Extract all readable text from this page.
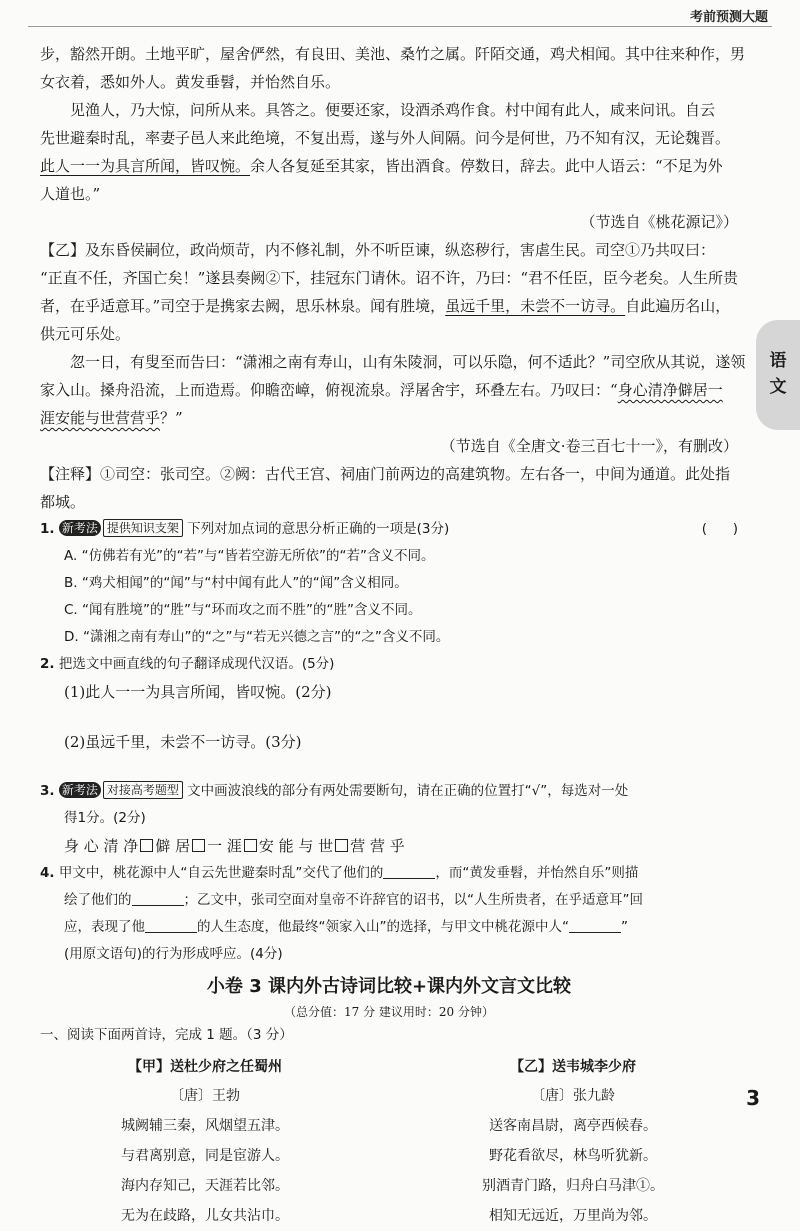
考前预测大题
语文
步，豁然开朗。土地平旷，屋舍俨然，有良田、美池、桑竹之属。阡陌交通，鸡犬相闻。其中往来种作，男
女衣着，悉如外人。黄发垂髫，并怡然自乐。
见渔人，乃大惊，问所从来。具答之。便要还家，设酒杀鸡作食。村中闻有此人，咸来问讯。自云
先世避秦时乱，率妻子邑人来此绝境，不复出焉，遂与外人间隔。问今是何世，乃不知有汉，无论魏晋。
此人一一为具言所闻，皆叹惋。余人各复延至其家，皆出酒食。停数日，辞去。此中人语云：“不足为外
人道也。”
（节选自《桃花源记》）
【乙】及东昏侯嗣位，政尚烦苛，内不修礼制，外不听臣谏，纵恣秽行，害虐生民。司空①乃共叹曰：
“正直不任，齐国亡矣！”遂县奏阙②下，挂冠东门请休。诏不许，乃曰：“君不任臣，臣今老矣。人生所贵
者，在乎适意耳。”司空于是携家去阙，思乐林泉。闻有胜境，虽远千里，未尝不一访寻。自此遍历名山，
供元可乐处。
忽一日，有叟至而告曰：“潇湘之南有寿山，山有朱陵洞，可以乐隐，何不适此？”司空欣从其说，遂领
家入山。搡舟沿流，上而造焉。仰瞻峦嶂，俯视流泉。浮屠舍宇，环叠左右。乃叹曰：“身心清净僻居一
涯安能与世营营乎？”
（节选自《全唐文·卷三百七十一》，有删改）
【注释】①司空：张司空。②阙：古代王宫、祠庙门前两边的高建筑物。左右各一，中间为通道。此处指
都城。
1. 新考法 提供知识支架 下列对加点词的意思分析正确的一项是(3分)	(      )
A. “仿佛若有光”的“若”与“皆若空游无所依”的“若”含义不同。
B. “鸡犬相闻”的“闻”与“村中闻有此人”的“闻”含义相同。
C. “闻有胜境”的“胜”与“环而攻之而不胜”的“胜”含义不同。
D. “潇湘之南有寿山”的“之”与“若无兴德之言”的“之”含义不同。
2. 把选文中画直线的句子翻译成现代汉语。(5分)
(1)此人一一为具言所闻，皆叹惋。(2分)
(2)虽远千里，未尝不一访寻。(3分)
3. 新考法 对接高考题型 文中画波浪线的部分有两处需要断句，请在正确的位置打“√”，每选对一处
得1分。(2分)
身 心 清 净 僻 居 一 涯 安 能 与 世 营 营 乎
4. 甲文中，桃花源中人“自云先世避秦时乱”交代了他们的	，而“黄发垂髫，并怡然自乐”则描
绘了他们的	；乙文中，张司空面对皇帝不许辞官的诏书，以“人生所贵者，在乎适意耳”回
应，表现了他	的人生态度，他最终“领家入山”的选择，与甲文中桃花源中人“	”
(用原文语句)的行为形成呼应。(4分)
小卷 3 课内外古诗词比较+课内外文言文比较
（总分值：17 分 建议用时：20 分钟）
一、阅读下面两首诗，完成 1 题。（3 分）
【甲】送杜少府之任蜀州
〔唐〕王勃
城阙辅三秦，风烟望五津。
与君离别意，同是宦游人。
海内存知己，天涯若比邻。
无为在歧路，儿女共沾巾。
【乙】送韦城李少府
〔唐〕张九龄
送客南昌尉，离亭西候春。
野花看欲尽，林鸟听犹新。
别酒青门路，归舟白马津①。
相知无远近，万里尚为邻。
3
